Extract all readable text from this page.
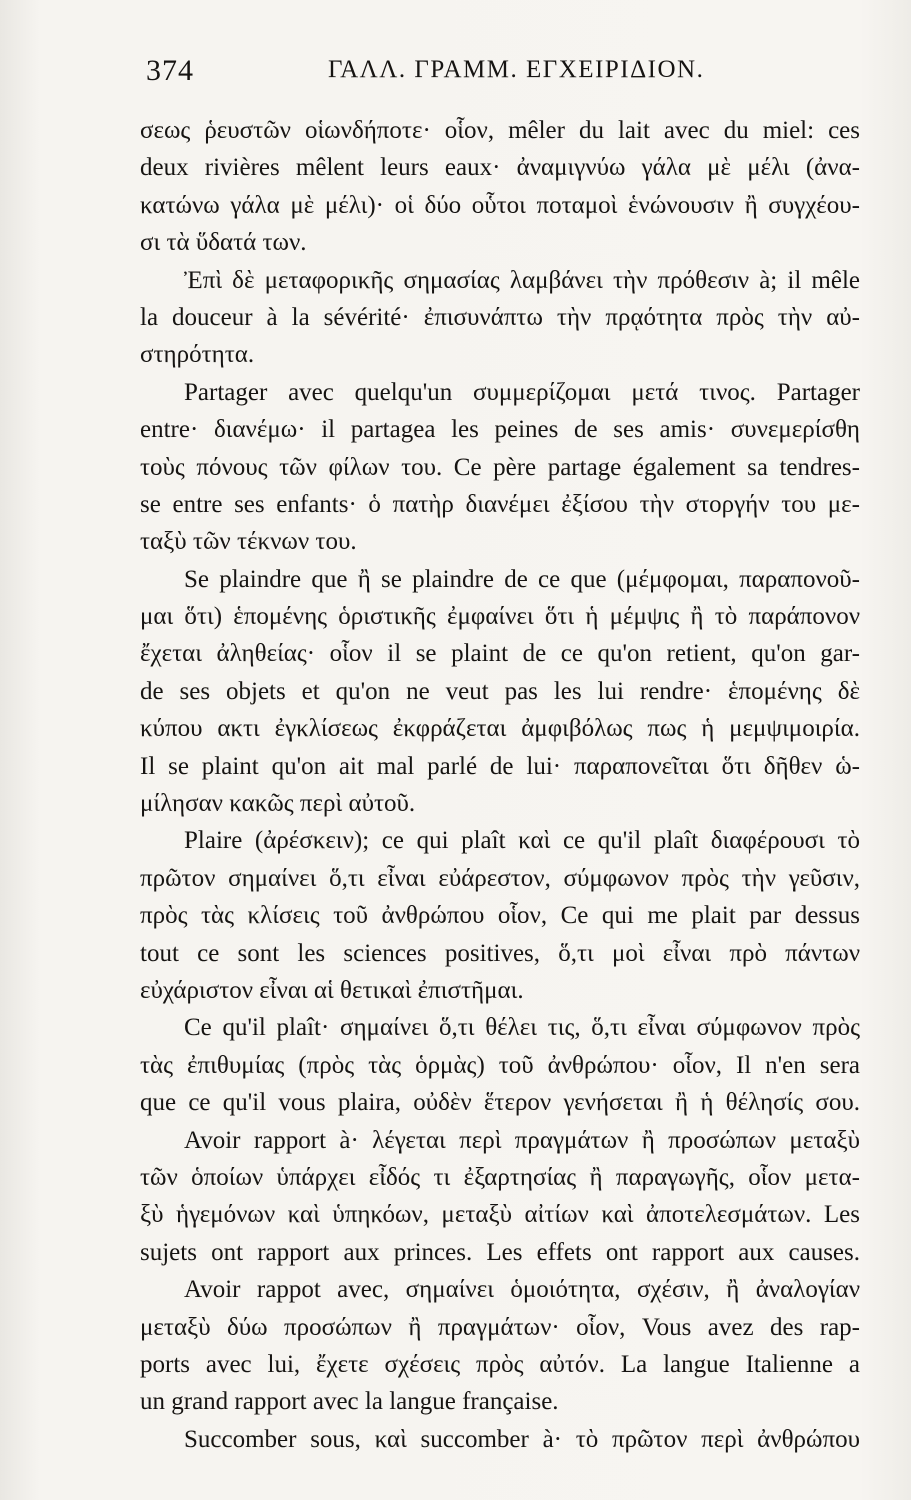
374	ΓΑΛΛ. ΓΡΑΜΜ. ΕΓΧΕΙΡΙΔΙΟΝ.
σεως ῥευστῶν οἱωνδήποτε· οἷον, mêler du lait avec du miel: ces
deux rivières mêlent leurs eaux· ἀναμιγνύω γάλα μὲ μέλι (ἀνα-
κατώνω γάλα μὲ μέλι)· οἱ δύο οὗτοι ποταμοὶ ἑνώνουσιν ἢ συγχέου-
σι τὰ ὕδατά των.
Ἐπὶ δὲ μεταφορικῆς σημασίας λαμβάνει τὴν πρόθεσιν à; il mêle
la douceur à la sévérité· ἐπισυνάπτω τὴν πρᾳότητα πρὸς τὴν αὐ-
στηρότητα.
Partager avec quelqu'un συμμερίζομαι μετά τινος. Partager
entre· διανέμω· il partagea les peines de ses amis· συνεμερίσθη
τοὺς πόνους τῶν φίλων του. Ce père partage également sa tendres-
se entre ses enfants· ὁ πατὴρ διανέμει ἐξίσου τὴν στοργήν του με-
ταξὺ τῶν τέκνων του.
Se plaindre que ἢ se plaindre de ce que (μέμφομαι, παραπονοῦ-
μαι ὅτι) ἑπομένης ὁριστικῆς ἐμφαίνει ὅτι ἡ μέμψις ἢ τὸ παράπονον
ἔχεται ἀληθείας· οἷον il se plaint de ce qu'on retient, qu'on gar-
de ses objets et qu'on ne veut pas les lui rendre· ἑπομένης δὲ
κύπου ακτι ἐγκλίσεως ἐκφράζεται ἀμφιβόλως πως ἡ μεμψιμοιρία.
Il se plaint qu'on ait mal parlé de lui· παραπονεῖται ὅτι δῆθεν ὡ-
μίλησαν κακῶς περὶ αὐτοῦ.
Plaire (ἀρέσκειν); ce qui plaît καὶ ce qu'il plaît διαφέρουσι τὸ
πρῶτον σημαίνει ὅ,τι εἶναι εὐάρεστον, σύμφωνον πρὸς τὴν γεῦσιν,
πρὸς τὰς κλίσεις τοῦ ἀνθρώπου οἷον, Ce qui me plait par dessus
tout ce sont les sciences positives, ὅ,τι μοὶ εἶναι πρὸ πάντων
εὐχάριστον εἶναι αἱ θετικαὶ ἐπιστῆμαι.
Ce qu'il plaît· σημαίνει ὅ,τι θέλει τις, ὅ,τι εἶναι σύμφωνον πρὸς
τὰς ἐπιθυμίας (πρὸς τὰς ὁρμὰς) τοῦ ἀνθρώπου· οἷον, Il n'en sera
que ce qu'il vous plaira, οὐδὲν ἕτερον γενήσεται ἢ ἡ θέλησίς σου.
Avoir rapport à· λέγεται περὶ πραγμάτων ἢ προσώπων μεταξὺ
τῶν ὁποίων ὑπάρχει εἶδός τι ἐξαρτησίας ἢ παραγωγῆς, οἷον μετα-
ξὺ ἡγεμόνων καὶ ὑπηκόων, μεταξὺ αἰτίων καὶ ἀποτελεσμάτων. Les
sujets ont rapport aux princes. Les effets ont rapport aux causes.
Avoir rappot avec, σημαίνει ὁμοιότητα, σχέσιν, ἢ ἀναλογίαν
μεταξὺ δύω προσώπων ἢ πραγμάτων· οἷον, Vous avez des rap-
ports avec lui, ἔχετε σχέσεις πρὸς αὐτόν. La langue Italienne a
un grand rapport avec la langue française.
Succomber sous, καὶ succomber à· τὸ πρῶτον περὶ ἀνθρώπου
